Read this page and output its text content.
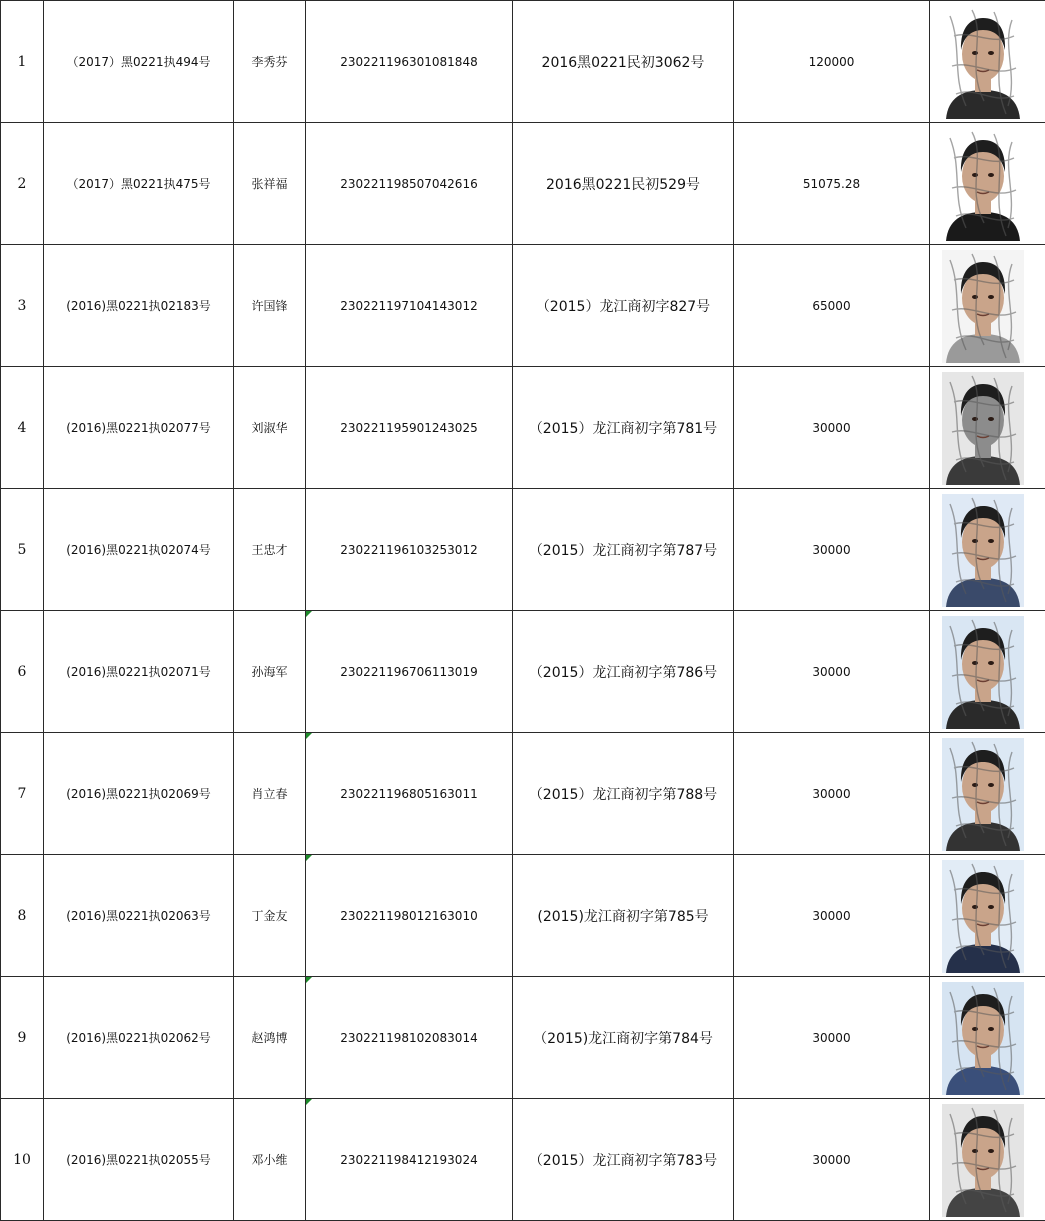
1	（2017）黑0221执494号	李秀芬	230221196301081848	2016黑0221民初3062号	120000	

2	（2017）黑0221执475号	张祥福	230221198507042616	2016黑0221民初529号	51075.28	

3	(2016)黑0221执02183号	许国锋	230221197104143012	（2015）龙江商初字827号	65000	

4	(2016)黑0221执02077号	刘淑华	230221195901243025	（2015）龙江商初字第781号	30000	

5	(2016)黑0221执02074号	王忠才	230221196103253012	（2015）龙江商初字第787号	30000	

6	(2016)黑0221执02071号	孙海军	230221196706113019	（2015）龙江商初字第786号	30000	

7	(2016)黑0221执02069号	肖立春	230221196805163011	（2015）龙江商初字第788号	30000	

8	(2016)黑0221执02063号	丁金友	230221198012163010	(2015)龙江商初字第785号	30000	

9	(2016)黑0221执02062号	赵鸿博	230221198102083014	（2015)龙江商初字第784号	30000	

10	(2016)黑0221执02055号	邓小维	230221198412193024	（2015）龙江商初字第783号	30000	
